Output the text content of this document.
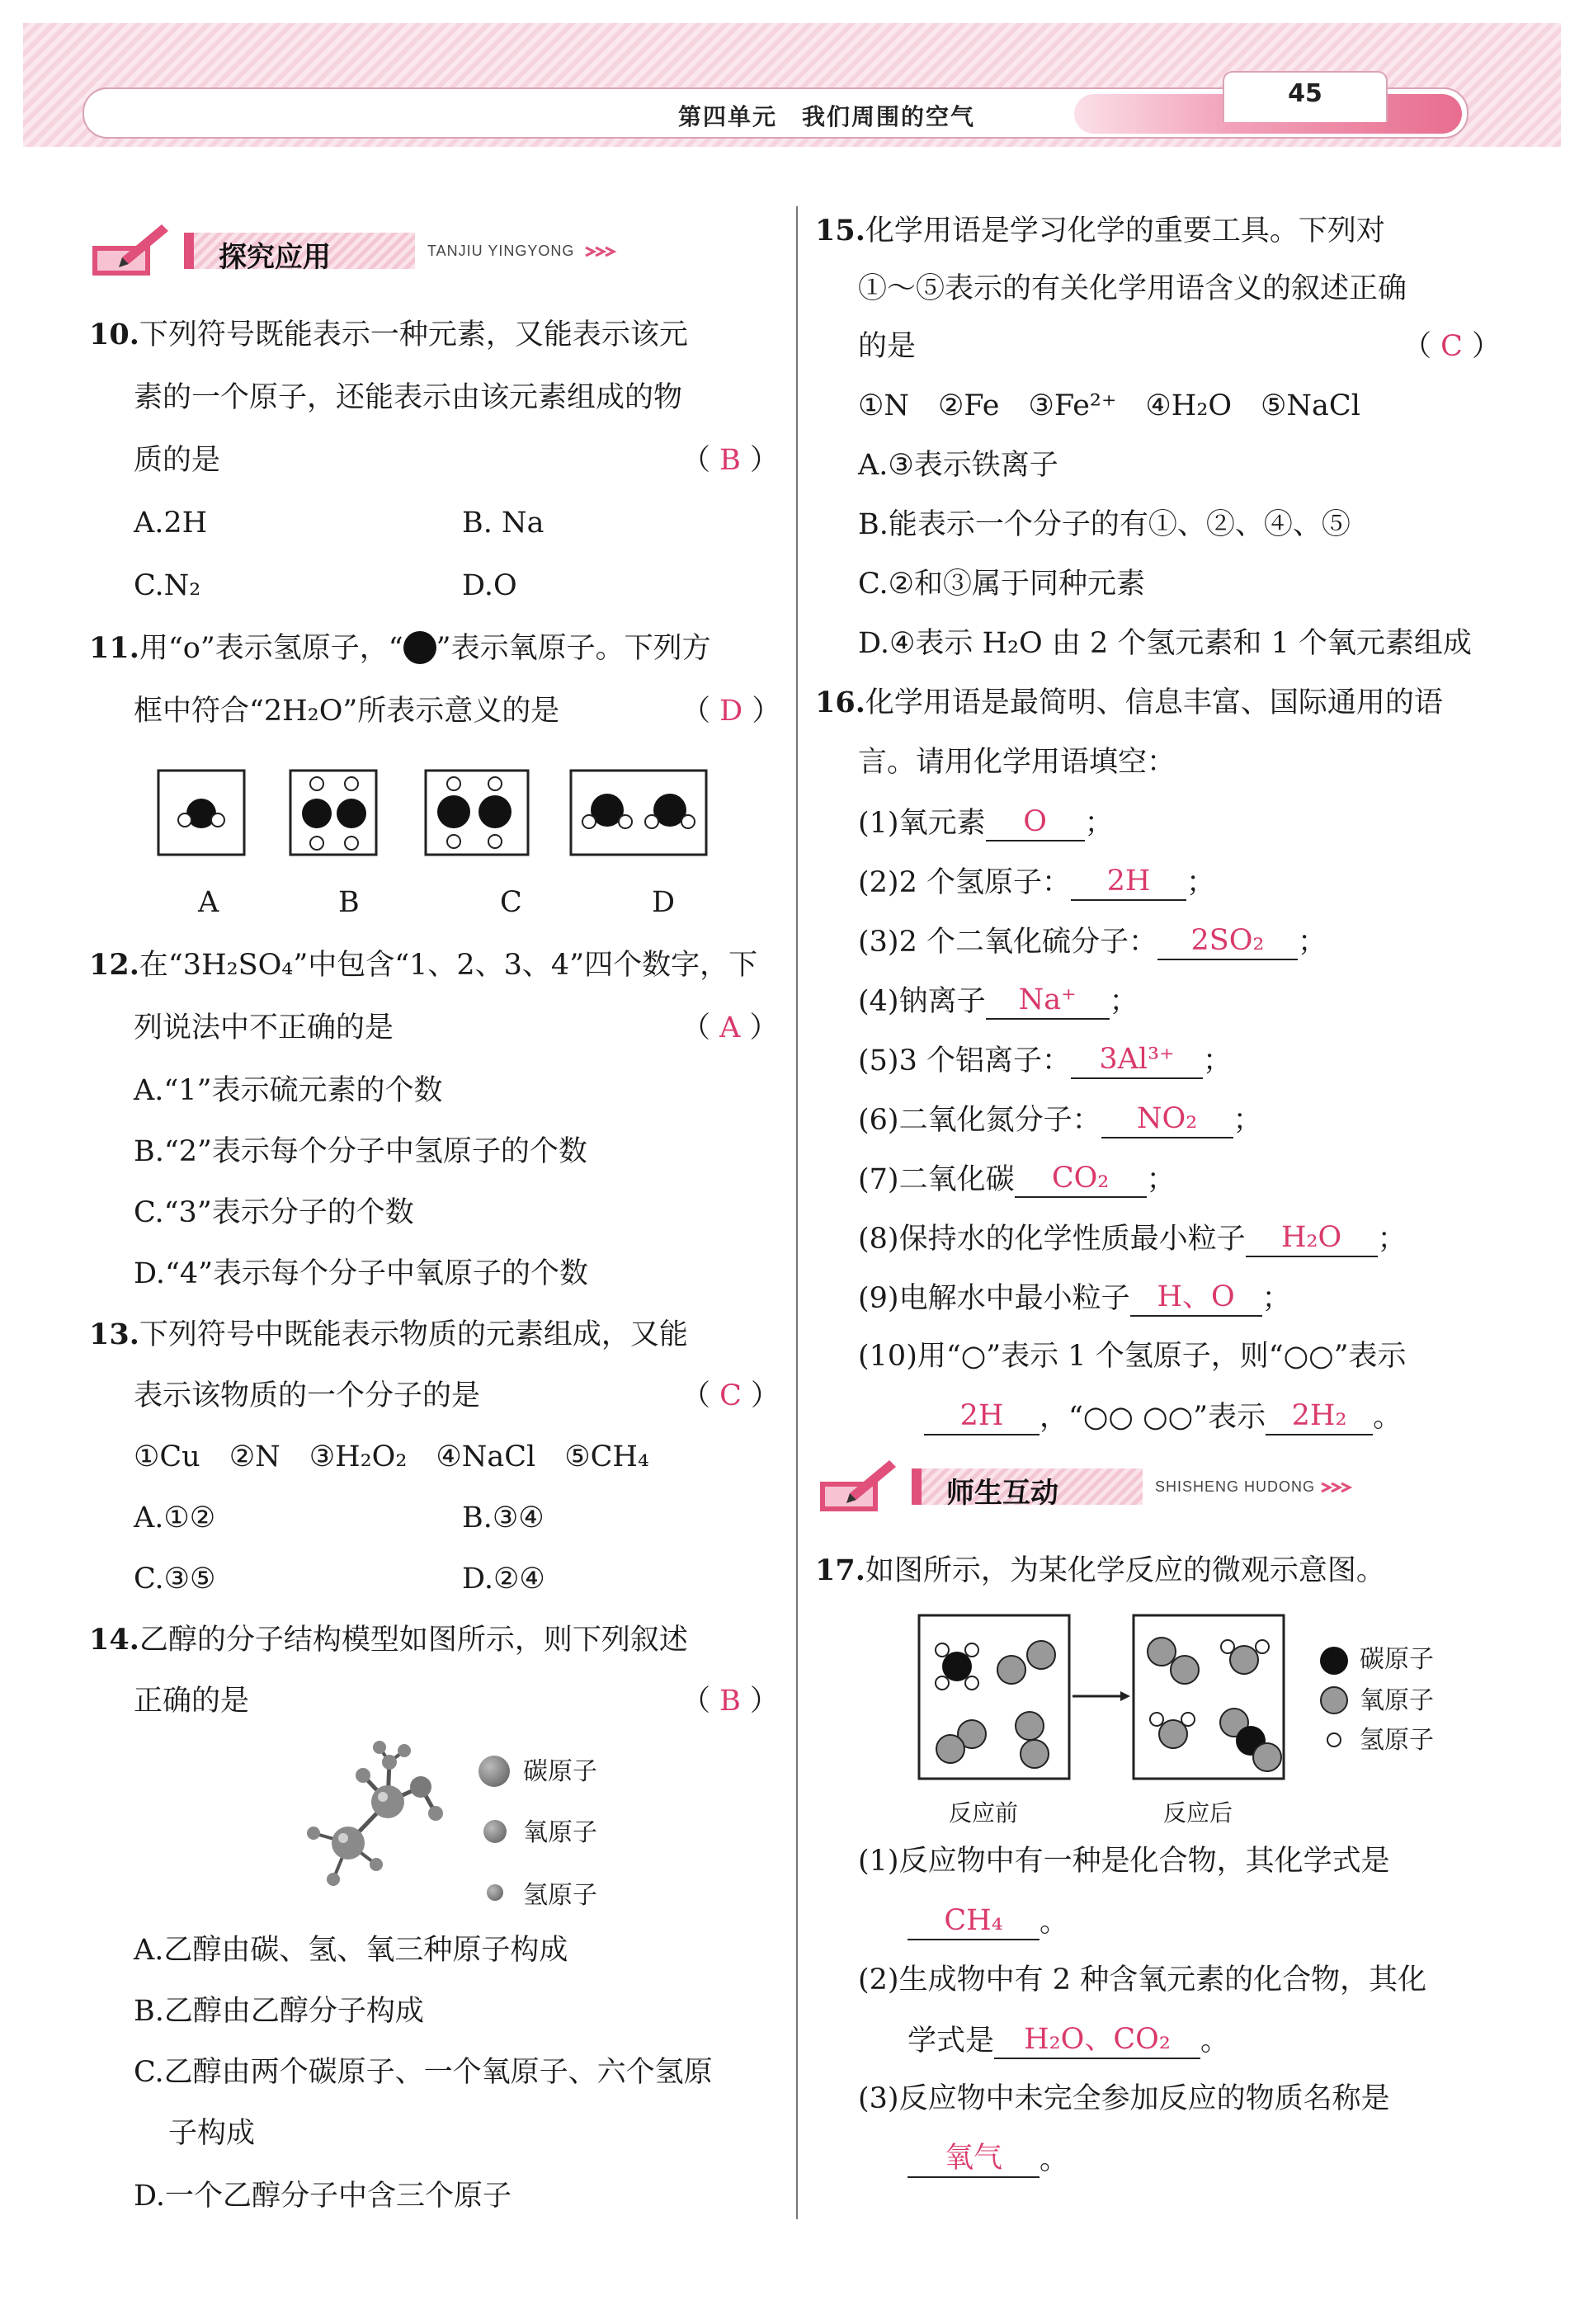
第四单元　我们周围的空气
45
探究应用	TANJIU YINGYONG
10.下列符号既能表示一种元素，又能表示该元
素的一个原子，还能表示由该元素组成的物
质的是	（ B ）
A.2H	B. Na
C.N₂	D.O
11.用“o”表示氢原子，“ ”表示氧原子。下列方
框中符合“2H₂O”所表示意义的是	（ D ）
A	B	C	D
12.在“3H₂SO₄”中包含“1、2、3、4”四个数字，下
列说法中不正确的是	（ A ）
A.“1”表示硫元素的个数
B.“2”表示每个分子中氢原子的个数
C.“3”表示分子的个数
D.“4”表示每个分子中氧原子的个数
13.下列符号中既能表示物质的元素组成，又能
表示该物质的一个分子的是	（ C ）
①Cu　②N　③H₂O₂　④NaCl　⑤CH₄
A.①②	B.③④
C.③⑤	D.②④
14.乙醇的分子结构模型如图所示，则下列叙述
正确的是	（ B ）
碳原子
氧原子
氢原子
A.乙醇由碳、氢、氧三种原子构成
B.乙醇由乙醇分子构成
C.乙醇由两个碳原子、一个氧原子、六个氢原
子构成
D.一个乙醇分子中含三个原子
15.化学用语是学习化学的重要工具。下列对
①～⑤表示的有关化学用语含义的叙述正确
的是	（ C ）
①N　②Fe　③Fe²⁺　④H₂O　⑤NaCl
A.③表示铁离子
B.能表示一个分子的有①、②、④、⑤
C.②和③属于同种元素
D.④表示 H₂O 由 2 个氢元素和 1 个氧元素组成
16.化学用语是最简明、信息丰富、国际通用的语
言。请用化学用语填空：
(1)氧元素 O ；
(2)2 个氢原子： 2H ；
(3)2 个二氧化硫分子： 2SO₂ ；
(4)钠离子 Na⁺ ；
(5)3 个铝离子： 3Al³⁺ ；
(6)二氧化氮分子： NO₂ ；
(7)二氧化碳 CO₂ ；
(8)保持水的化学性质最小粒子 H₂O ；
(9)电解水中最小粒子 H、O ；
(10)用“○”表示 1 个氢原子，则“○○”表示
2H ，“○○ ○○”表示 2H₂ 。
师生互动	SHISHENG HUDONG
17.如图所示，为某化学反应的微观示意图。
碳原子
氧原子
氢原子
反应前	反应后
(1)反应物中有一种是化合物，其化学式是
CH₄ 。
(2)生成物中有 2 种含氧元素的化合物，其化
学式是 H₂O、CO₂ 。
(3)反应物中未完全参加反应的物质名称是
氧气 。
